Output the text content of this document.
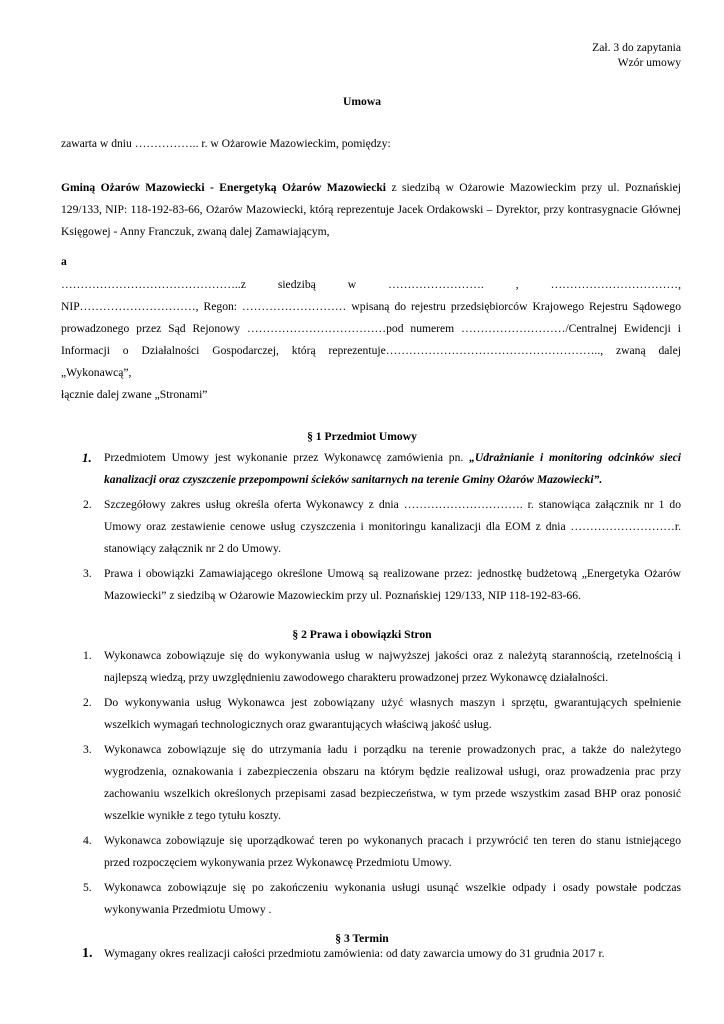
Zał. 3 do zapytania
Wzór umowy
Umowa
zawarta w dniu …………….. r. w Ożarowie Mazowieckim, pomiędzy:
Gminą Ożarów Mazowiecki - Energetyką Ożarów Mazowiecki z siedzibą w Ożarowie Mazowieckim przy ul. Poznańskiej 129/133, NIP: 118-192-83-66, Ożarów Mazowiecki, którą reprezentuje Jacek Ordakowski – Dyrektor, przy kontrasygnacie Głównej Księgowej - Anny Franczuk, zwaną dalej Zamawiającym,
a
………………………………………..z	siedzibą	w	…………………….	,	……………………………,
NIP…………………………, Regon: ……………………… wpisaną do rejestru przedsiębiorców Krajowego Rejestru Sądowego prowadzonego przez Sąd Rejonowy ………………………………pod numerem ………………………/Centralnej Ewidencji i Informacji o Działalności Gospodarczej, którą reprezentuje……………………………………………….., zwaną dalej „Wykonawcą”,
łącznie dalej zwane „Stronami”
§ 1 Przedmiot Umowy
1. Przedmiotem Umowy jest wykonanie przez Wykonawcę zamówienia pn. „Udrażnianie i monitoring odcinków sieci kanalizacji oraz czyszczenie przepompowni ścieków sanitarnych na terenie Gminy Ożarów Mazowiecki”.
2. Szczegółowy zakres usług określa oferta Wykonawcy z dnia …………………………. r. stanowiąca załącznik nr 1 do Umowy oraz zestawienie cenowe usług czyszczenia i monitoringu kanalizacji dla EOM z dnia ………………………r. stanowiący załącznik nr 2 do Umowy.
3. Prawa i obowiązki Zamawiającego określone Umową są realizowane przez: jednostkę budżetową „Energetyka Ożarów Mazowiecki” z siedzibą w Ożarowie Mazowieckim przy ul. Poznańskiej 129/133, NIP 118-192-83-66.
§ 2 Prawa i obowiązki Stron
1. Wykonawca zobowiązuje się do wykonywania usług w najwyższej jakości oraz z należytą starannością, rzetelnością i najlepszą wiedzą, przy uwzględnieniu zawodowego charakteru prowadzonej przez Wykonawcę działalności.
2. Do wykonywania usług Wykonawca jest zobowiązany użyć własnych maszyn i sprzętu, gwarantujących spełnienie wszelkich wymagań technologicznych oraz gwarantujących właściwą jakość usług.
3. Wykonawca zobowiązuje się do utrzymania ładu i porządku na terenie prowadzonych prac, a także do należytego wygrodzenia, oznakowania i zabezpieczenia obszaru na którym będzie realizował usługi, oraz prowadzenia prac przy zachowaniu wszelkich określonych przepisami zasad bezpieczeństwa, w tym przede wszystkim zasad BHP oraz ponosić wszelkie wynikłe z tego tytułu koszty.
4. Wykonawca zobowiązuje się uporządkować teren po wykonanych pracach i przywrócić ten teren do stanu istniejącego przed rozpoczęciem wykonywania przez Wykonawcę Przedmiotu Umowy.
5. Wykonawca zobowiązuje się po zakończeniu wykonania usługi usunąć wszelkie odpady i osady powstałe podczas wykonywania Przedmiotu Umowy .
§ 3 Termin
1. Wymagany okres realizacji całości przedmiotu zamówienia: od daty zawarcia umowy do 31 grudnia 2017 r.
